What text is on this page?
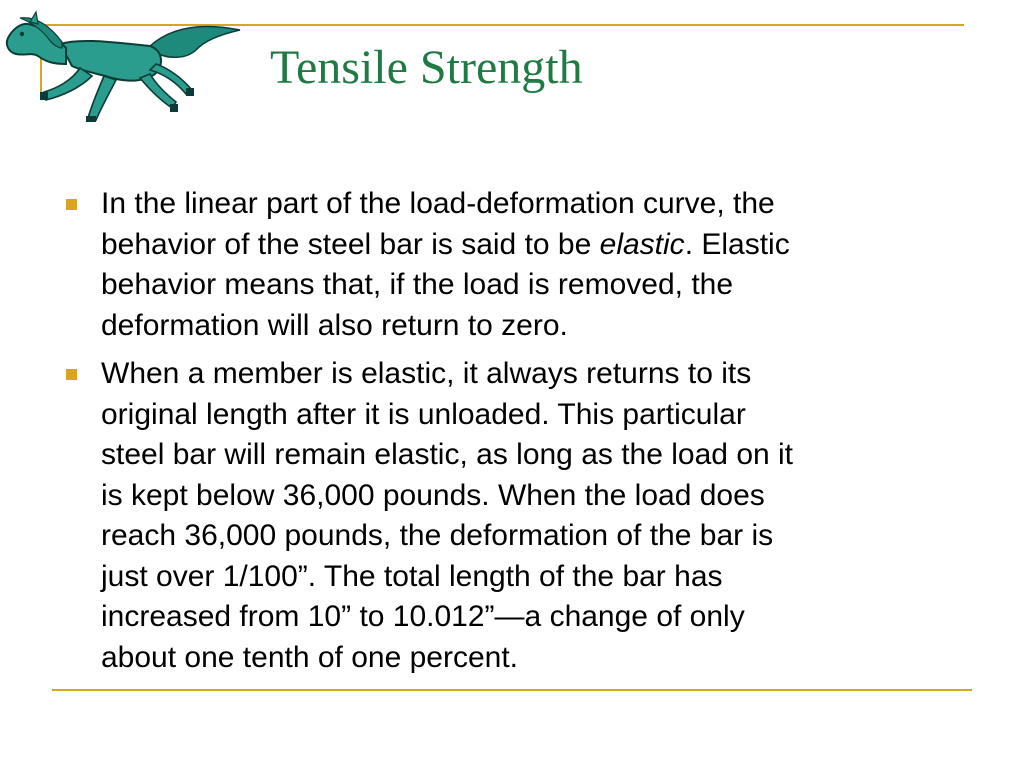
Tensile Strength
In the linear part of the load-deformation curve, the
behavior of the steel bar is said to be elastic. Elastic
behavior means that, if the load is removed, the
deformation will also return to zero.
When a member is elastic, it always returns to its
original length after it is unloaded. This particular
steel bar will remain elastic, as long as the load on it
is kept below 36,000 pounds. When the load does
reach 36,000 pounds, the deformation of the bar is
just over 1/100”. The total length of the bar has
increased from 10” to 10.012”—a change of only
about one tenth of one percent.
